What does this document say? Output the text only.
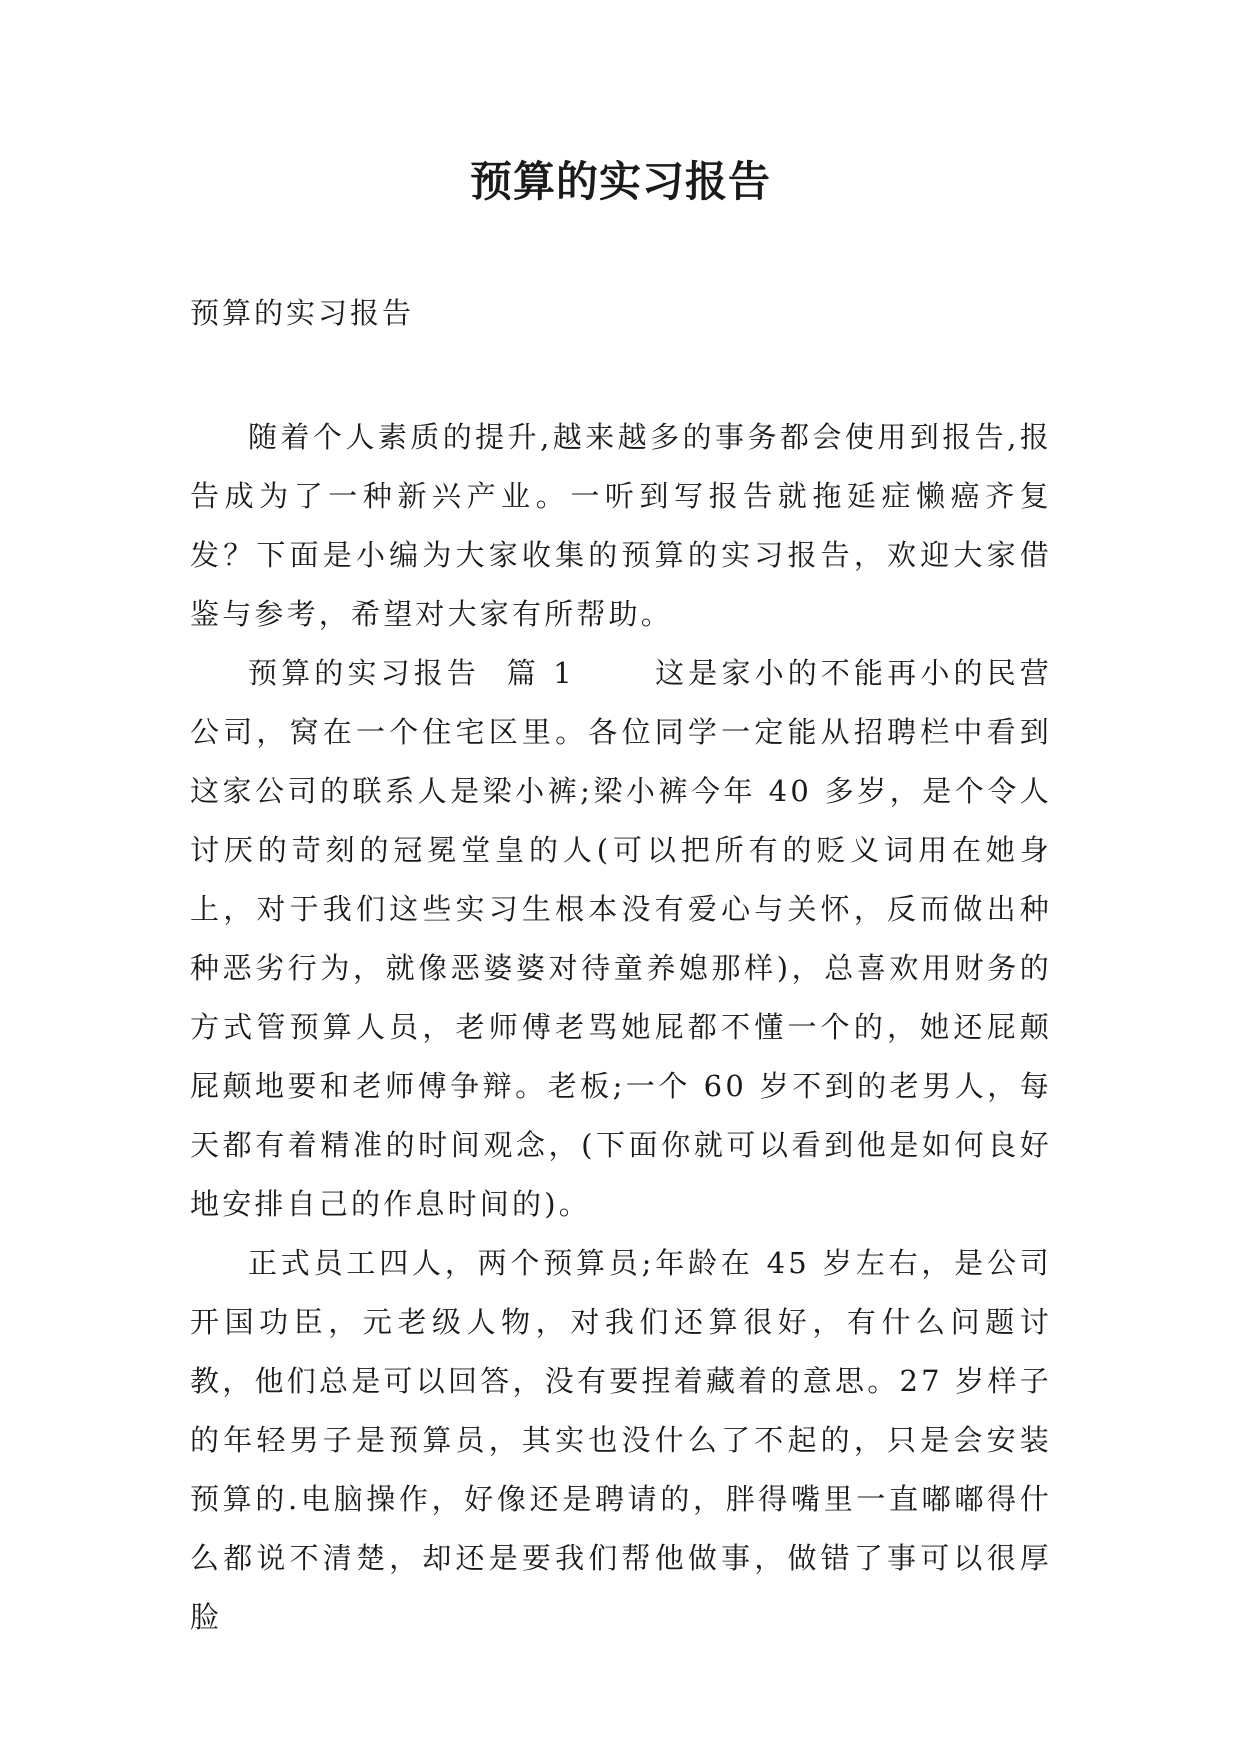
预算的实习报告

预算的实习报告

随着个人素质的提升,越来越多的事务都会使用到报告,报告成为了一种新兴产业。一听到写报告就拖延症懒癌齐复发？下面是小编为大家收集的预算的实习报告，欢迎大家借鉴与参考，希望对大家有所帮助。

预算的实习报告  篇 1      这是家小的不能再小的民营公司，窝在一个住宅区里。各位同学一定能从招聘栏中看到这家公司的联系人是梁小裤;梁小裤今年 40 多岁，是个令人讨厌的苛刻的冠冕堂皇的人(可以把所有的贬义词用在她身上，对于我们这些实习生根本没有爱心与关怀，反而做出种种恶劣行为，就像恶婆婆对待童养媳那样)，总喜欢用财务的方式管预算人员，老师傅老骂她屁都不懂一个的，她还屁颠屁颠地要和老师傅争辩。老板;一个 60 岁不到的老男人，每天都有着精准的时间观念，(下面你就可以看到他是如何良好地安排自己的作息时间的)。

正式员工四人，两个预算员;年龄在 45 岁左右，是公司开国功臣，元老级人物，对我们还算很好，有什么问题讨教，他们总是可以回答，没有要捏着藏着的意思。27 岁样子的年轻男子是预算员，其实也没什么了不起的，只是会安装预算的.电脑操作，好像还是聘请的，胖得嘴里一直嘟嘟得什么都说不清楚，却还是要我们帮他做事，做错了事可以很厚脸
